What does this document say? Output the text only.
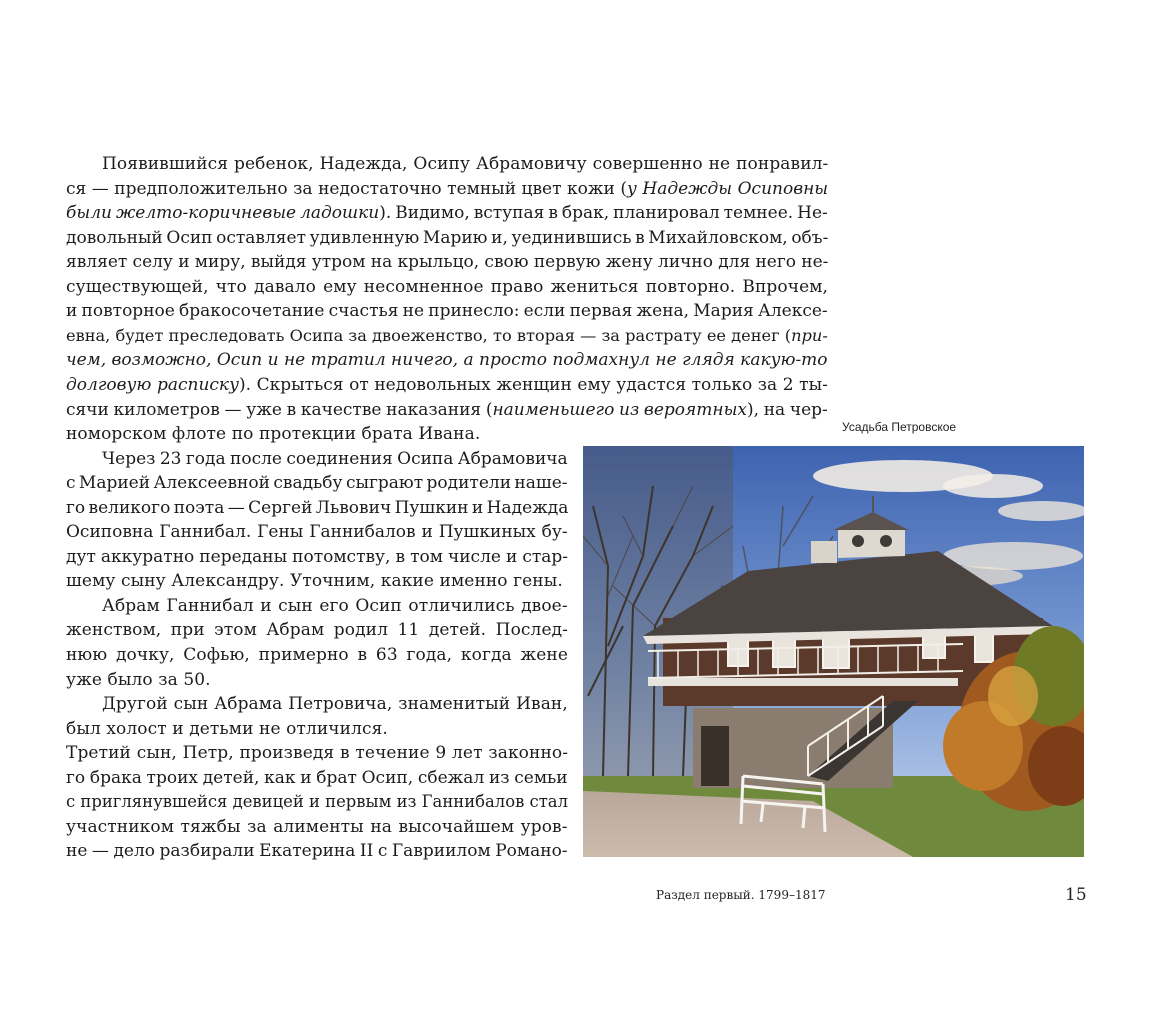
Появившийся ребенок, Надежда, Осипу Абрамовичу совершенно не понравил-
ся — предположительно за недостаточно темный цвет кожи (у Надежды Осиповны
были желто-коричневые ладошки). Видимо, вступая в брак, планировал темнее. Не-
довольный Осип оставляет удивленную Марию и, уединившись в Михайловском, объ-
являет селу и миру, выйдя утром на крыльцо, свою первую жену лично для него не-
существующей, что давало ему несомненное право жениться повторно. Впрочем,
и повторное бракосочетание счастья не принесло: если первая жена, Мария Алексе-
евна, будет преследовать Осипа за двоеженство, то вторая — за растрату ее денег (при-
чем, возможно, Осип и не тратил ничего, а просто подмахнул не глядя какую-то
долговую расписку). Скрыться от недовольных женщин ему удастся только за 2 ты-
сячи километров — уже в качестве наказания (наименьшего из вероятных), на чер-
номорском флоте по протекции брата Ивана.
Через 23 года после соединения Осипа Абрамовича
с Марией Алексеевной свадьбу сыграют родители наше-
го великого поэта — Сергей Львович Пушкин и Надежда
Осиповна Ганнибал. Гены Ганнибалов и Пушкиных бу-
дут аккуратно переданы потомству, в том числе и стар-
шему сыну Александру. Уточним, какие именно гены.
Абрам Ганнибал и сын его Осип отличились двое-
женством, при этом Абрам родил 11 детей. Послед-
нюю дочку, Софью, примерно в 63 года, когда жене
уже было за 50.
Другой сын Абрама Петровича, знаменитый Иван,
был холост и детьми не отличился.
Третий сын, Петр, произведя в течение 9 лет законно-
го брака троих детей, как и брат Осип, сбежал из семьи
с приглянувшейся девицей и первым из Ганнибалов стал
участником тяжбы за алименты на высочайшем уров-
не — дело разбирали Екатерина II с Гавриилом Романо-
Усадьба Петровское
Раздел первый. 1799–1817	15
